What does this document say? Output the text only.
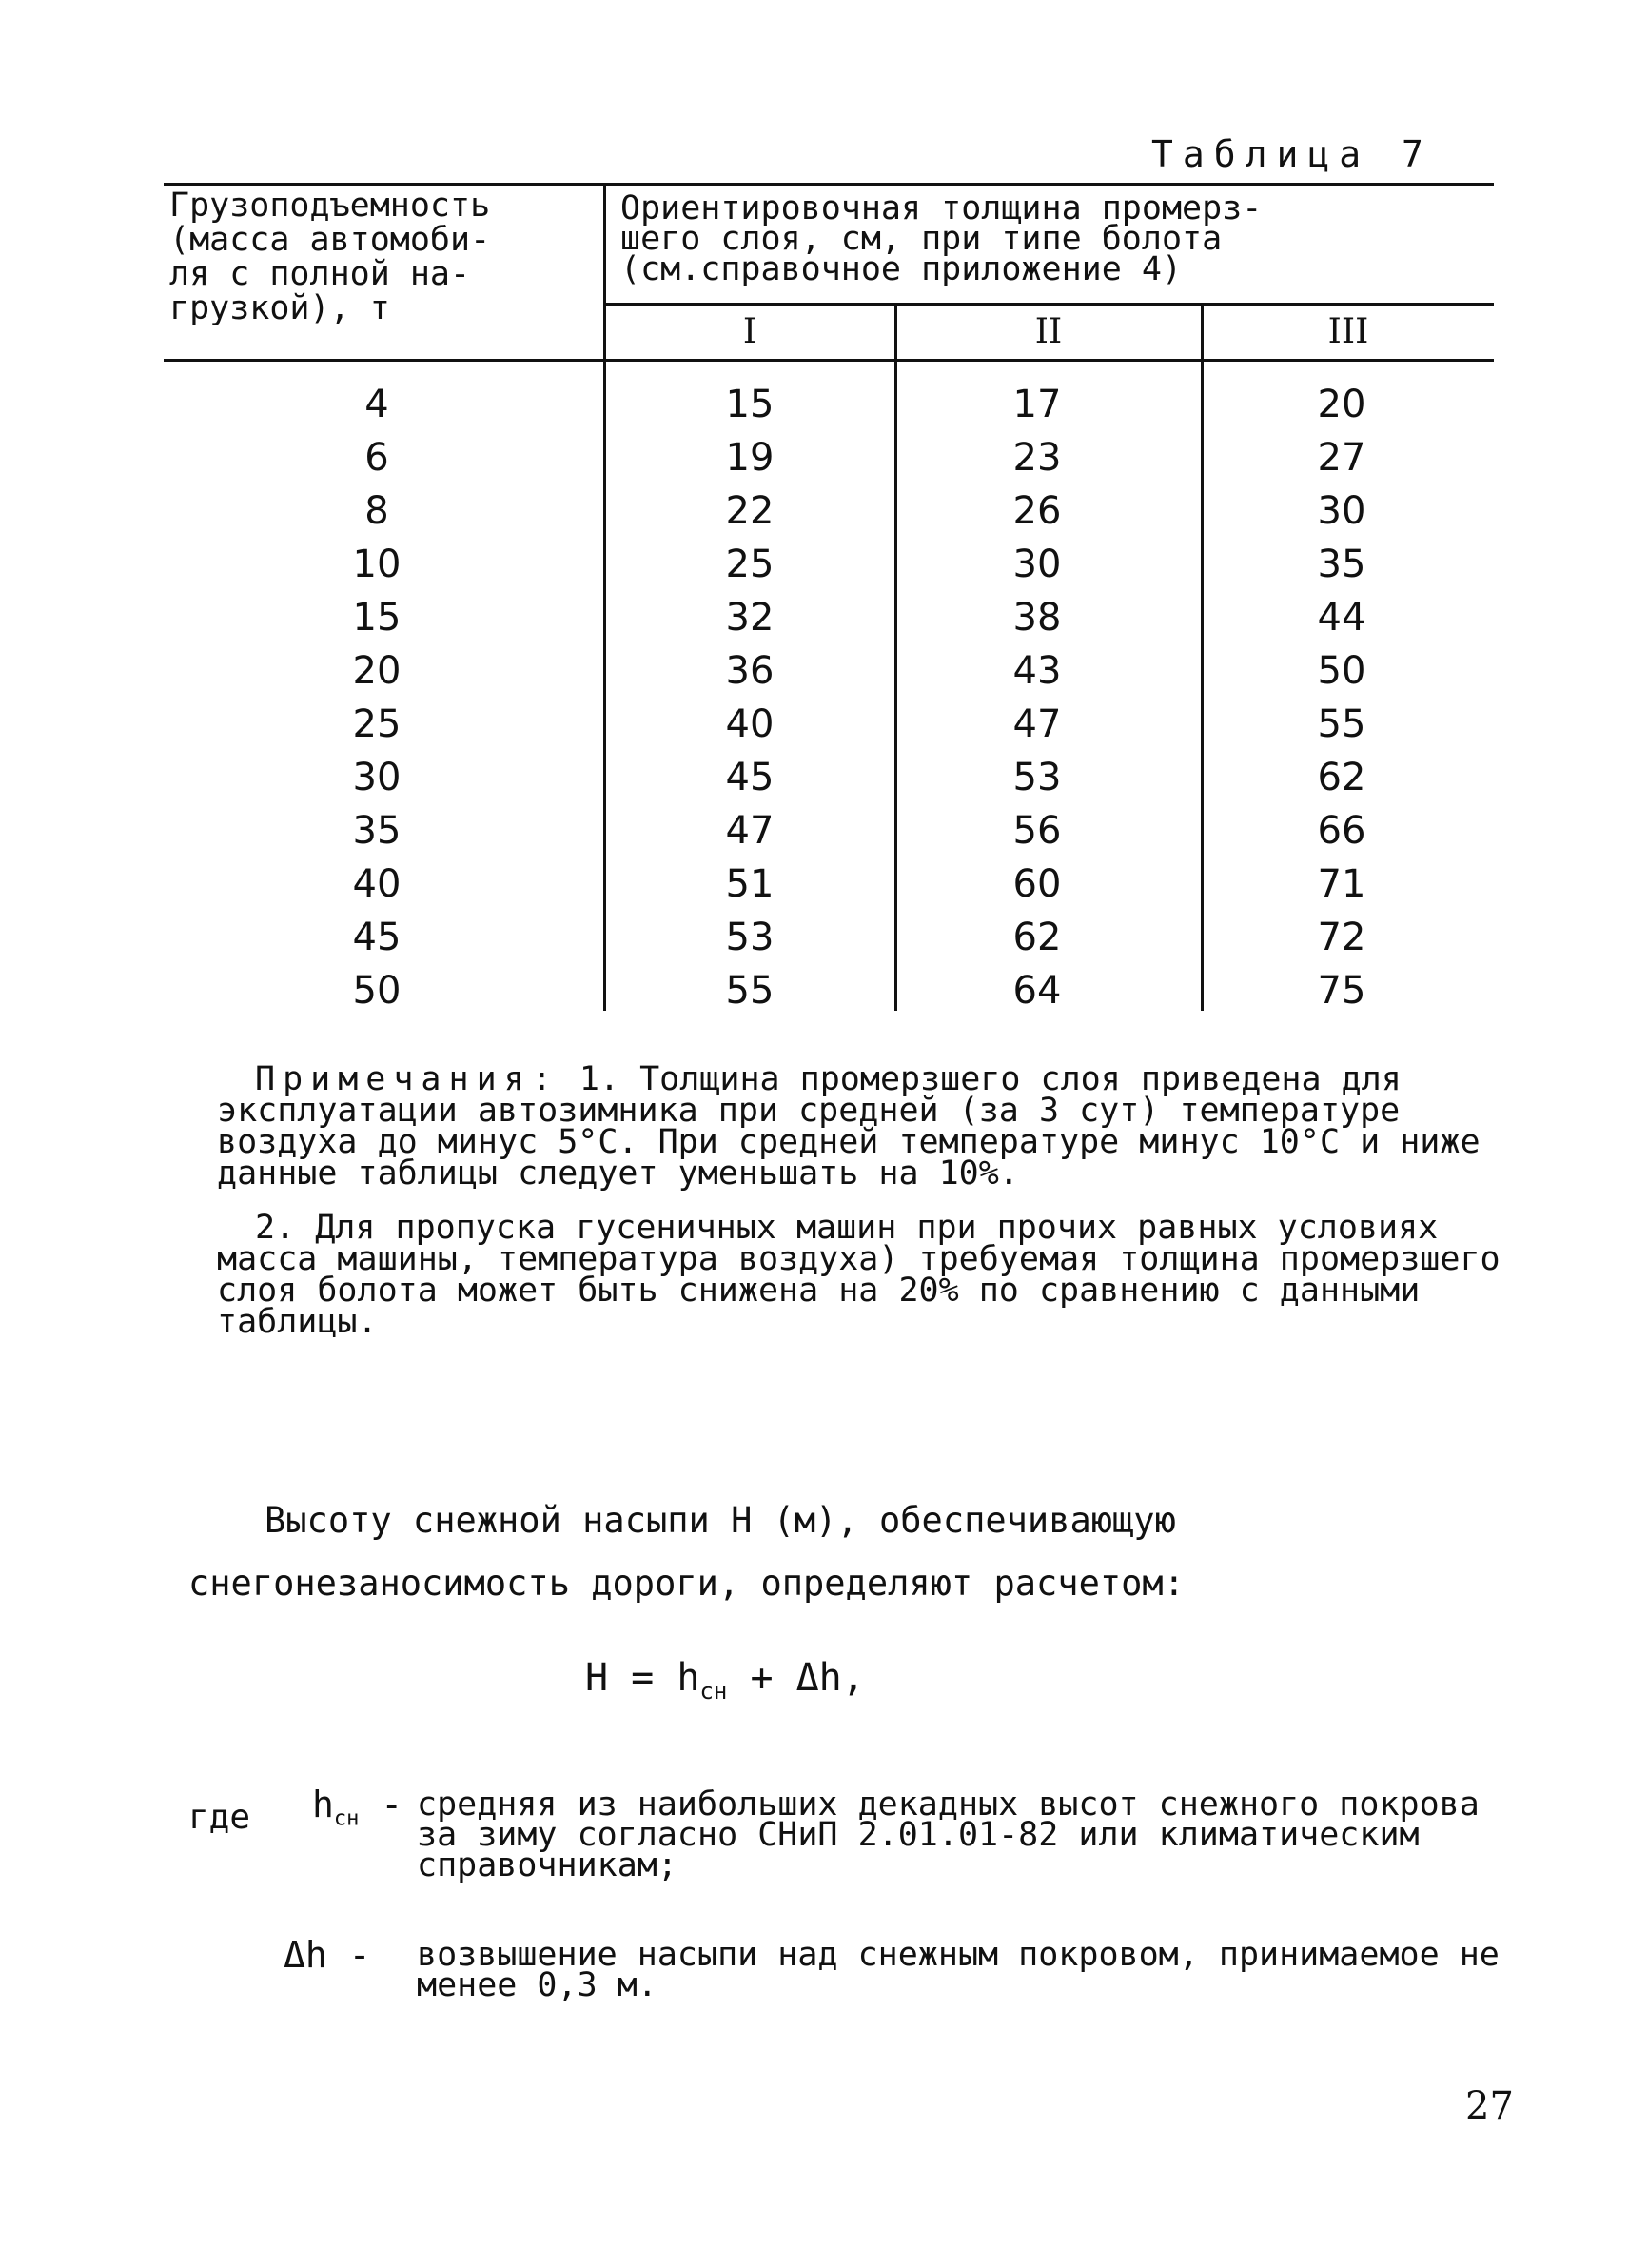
Таблица 7
Грузоподъемность
(масса автомоби-
ля с полной на-
грузкой), т
Ориентировочная толщина промерз-
шего слоя, см, при типе болота
(см.справочное приложение 4)
I	II	III
4	15	17	20
6	19	23	27
8	22	26	30
10	25	30	35
15	32	38	44
20	36	43	50
25	40	47	55
30	45	53	62
35	47	56	66
40	51	60	71
45	53	62	72
50	55	64	75

Примечания: 1. Толщина промерзшего слоя приведена для эксплуатации автозимника при средней (за 3 сут) температуре воздуха до минус 5°С. При средней температуре минус 10°С и ниже данные таблицы следует уменьшать на 10%.

2. Для пропуска гусеничных машин при прочих равных условиях масса машины, температура воздуха) требуемая толщина промерзшего слоя болота может быть снижена на 20% по сравнению с данными таблицы.

Высоту снежной насыпи Н (м), обеспечивающую снегонезаносимость дороги, определяют расчетом:

$Н = h_{сн} + \Delta h$,
где $h_{сн}$ - средняя из наибольших декадных высот снежного покрова за зиму согласно СНиП 2.01.01-82 или климатическим справочникам;
Δh - возвышение насыпи над снежным покровом, принимаемое не менее 0,3 м.
27
